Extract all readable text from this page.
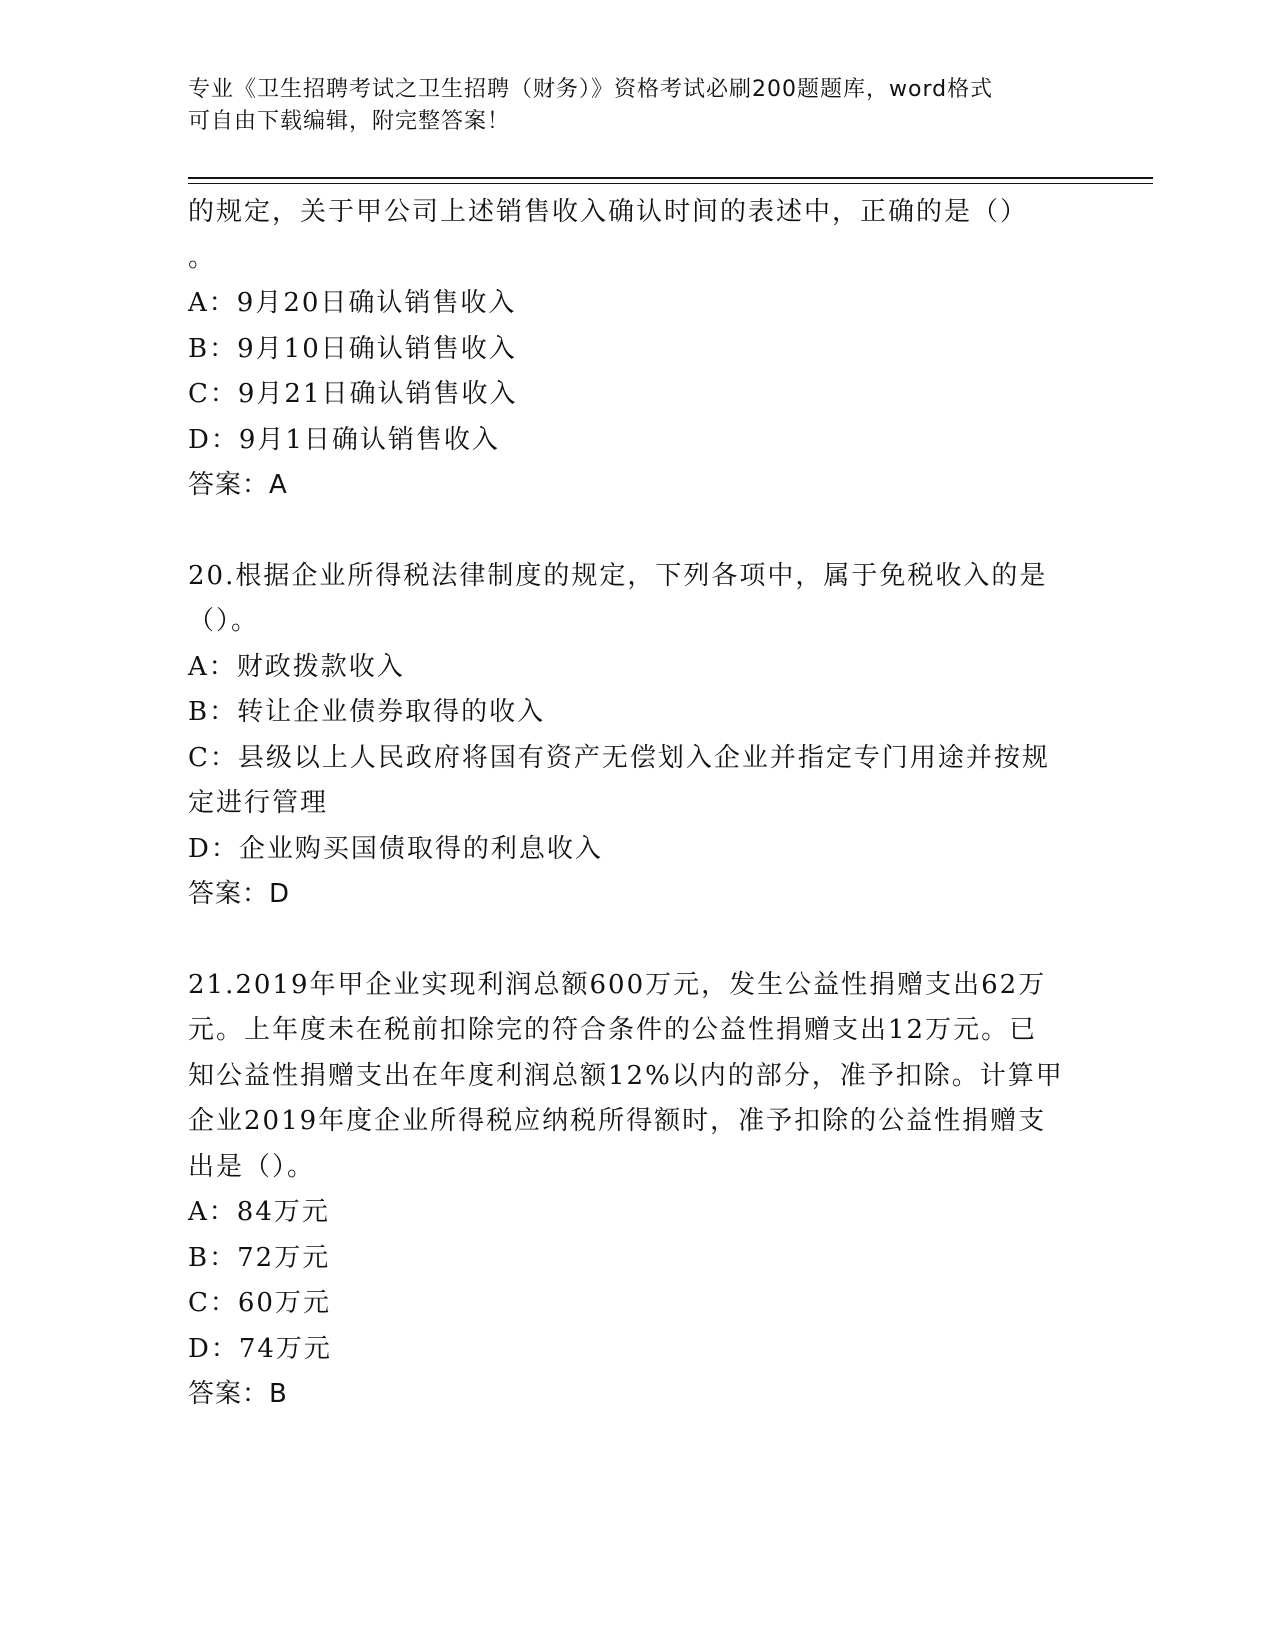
专业《卫生招聘考试之卫生招聘（财务）》资格考试必刷200题题库，word格式
可自由下载编辑，附完整答案！
的规定，关于甲公司上述销售收入确认时间的表述中，正确的是（）
。
A：9月20日确认销售收入
B：9月10日确认销售收入
C：9月21日确认销售收入
D：9月1日确认销售收入
答案：A
20.根据企业所得税法律制度的规定，下列各项中，属于免税收入的是
（）。
A：财政拨款收入
B：转让企业债券取得的收入
C：县级以上人民政府将国有资产无偿划入企业并指定专门用途并按规
定进行管理
D：企业购买国债取得的利息收入
答案：D
21.2019年甲企业实现利润总额600万元，发生公益性捐赠支出62万
元。上年度未在税前扣除完的符合条件的公益性捐赠支出12万元。已
知公益性捐赠支出在年度利润总额12%以内的部分，准予扣除。计算甲
企业2019年度企业所得税应纳税所得额时，准予扣除的公益性捐赠支
出是（）。
A：84万元
B：72万元
C：60万元
D：74万元
答案：B
